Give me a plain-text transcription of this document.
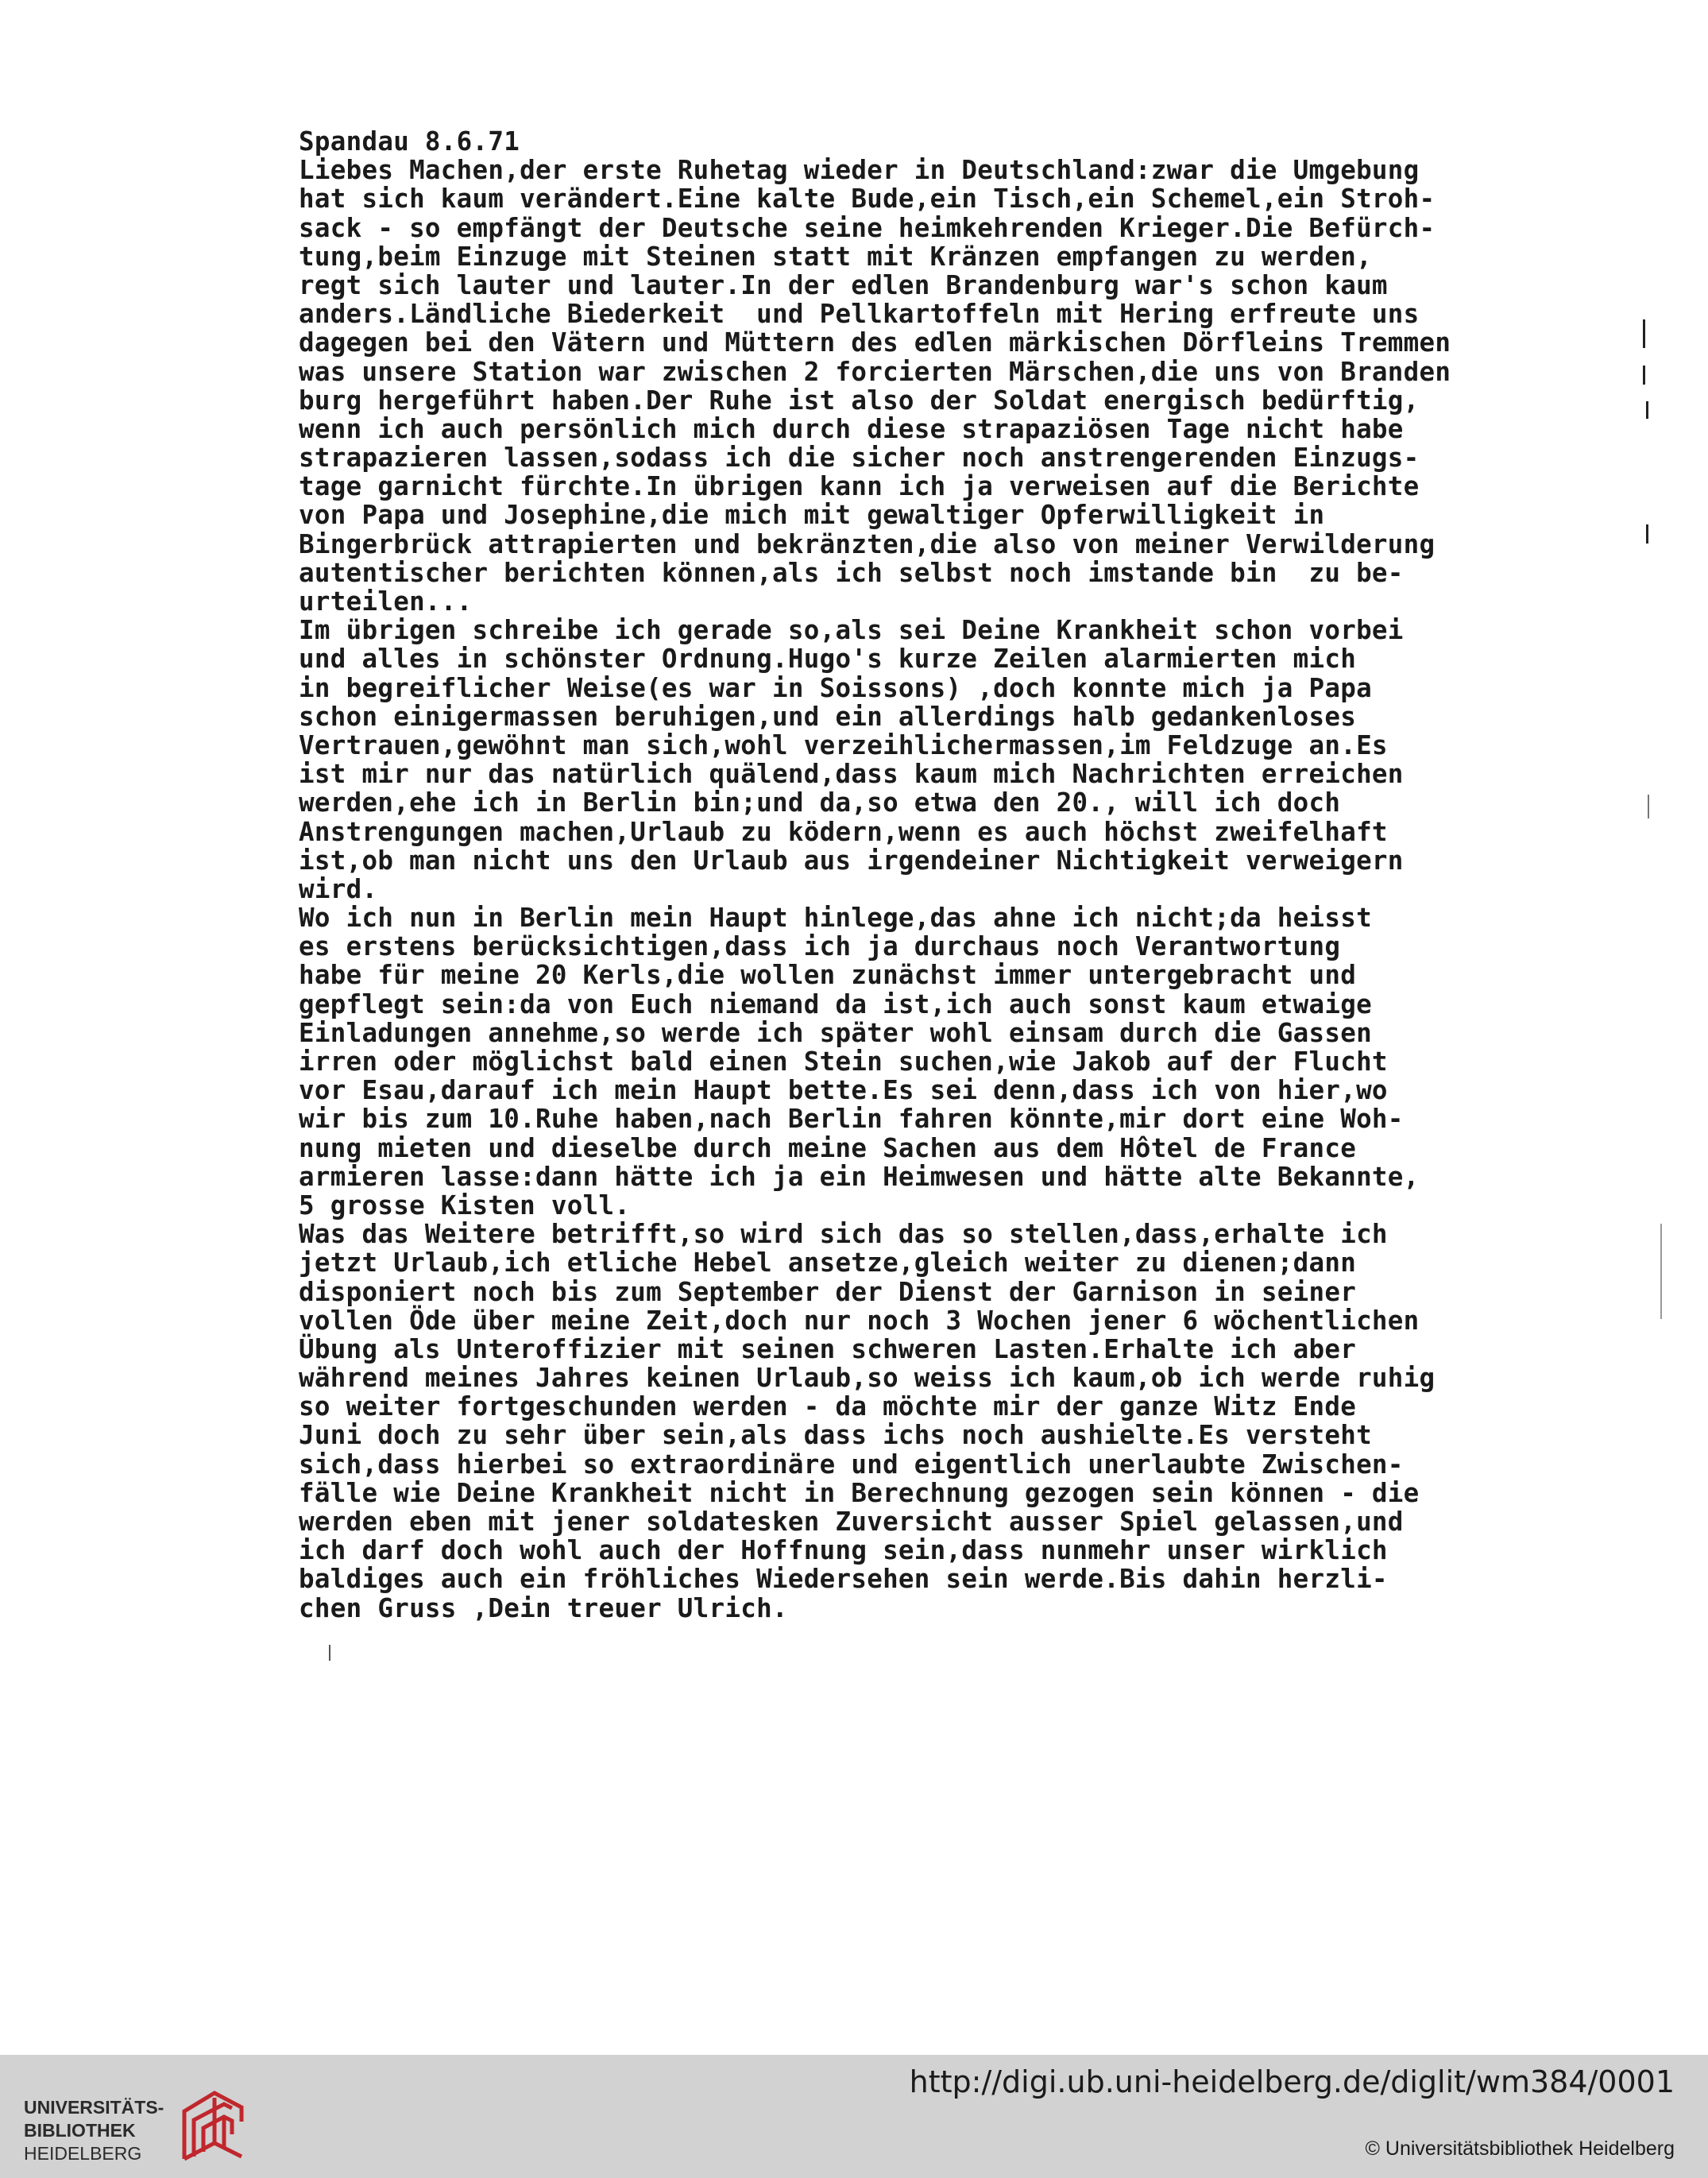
Spandau 8.6.71
Liebes Machen,der erste Ruhetag wieder in Deutschland:zwar die Umgebung
hat sich kaum verändert.Eine kalte Bude,ein Tisch,ein Schemel,ein Stroh-
sack - so empfängt der Deutsche seine heimkehrenden Krieger.Die Befürch-
tung,beim Einzuge mit Steinen statt mit Kränzen empfangen zu werden,
regt sich lauter und lauter.In der edlen Brandenburg war's schon kaum
anders.Ländliche Biederkeit  und Pellkartoffeln mit Hering erfreute uns
dagegen bei den Vätern und Müttern des edlen märkischen Dörfleins Tremmen
was unsere Station war zwischen 2 forcierten Märschen,die uns von Branden
burg hergeführt haben.Der Ruhe ist also der Soldat energisch bedürftig,
wenn ich auch persönlich mich durch diese strapaziösen Tage nicht habe
strapazieren lassen,sodass ich die sicher noch anstrengerenden Einzugs-
tage garnicht fürchte.In übrigen kann ich ja verweisen auf die Berichte
von Papa und Josephine,die mich mit gewaltiger Opferwilligkeit in
Bingerbrück attrapierten und bekränzten,die also von meiner Verwilderung
autentischer berichten können,als ich selbst noch imstande bin  zu be-
urteilen...
Im übrigen schreibe ich gerade so,als sei Deine Krankheit schon vorbei
und alles in schönster Ordnung.Hugo's kurze Zeilen alarmierten mich
in begreiflicher Weise(es war in Soissons) ,doch konnte mich ja Papa
schon einigermassen beruhigen,und ein allerdings halb gedankenloses
Vertrauen,gewöhnt man sich,wohl verzeihlichermassen,im Feldzuge an.Es
ist mir nur das natürlich quälend,dass kaum mich Nachrichten erreichen
werden,ehe ich in Berlin bin;und da,so etwa den 20., will ich doch
Anstrengungen machen,Urlaub zu ködern,wenn es auch höchst zweifelhaft
ist,ob man nicht uns den Urlaub aus irgendeiner Nichtigkeit verweigern
wird.
Wo ich nun in Berlin mein Haupt hinlege,das ahne ich nicht;da heisst
es erstens berücksichtigen,dass ich ja durchaus noch Verantwortung
habe für meine 20 Kerls,die wollen zunächst immer untergebracht und
gepflegt sein:da von Euch niemand da ist,ich auch sonst kaum etwaige
Einladungen annehme,so werde ich später wohl einsam durch die Gassen
irren oder möglichst bald einen Stein suchen,wie Jakob auf der Flucht
vor Esau,darauf ich mein Haupt bette.Es sei denn,dass ich von hier,wo
wir bis zum 10.Ruhe haben,nach Berlin fahren könnte,mir dort eine Woh-
nung mieten und dieselbe durch meine Sachen aus dem Hôtel de France
armieren lasse:dann hätte ich ja ein Heimwesen und hätte alte Bekannte,
5 grosse Kisten voll.
Was das Weitere betrifft,so wird sich das so stellen,dass,erhalte ich
jetzt Urlaub,ich etliche Hebel ansetze,gleich weiter zu dienen;dann
disponiert noch bis zum September der Dienst der Garnison in seiner
vollen Öde über meine Zeit,doch nur noch 3 Wochen jener 6 wöchentlichen
Übung als Unteroffizier mit seinen schweren Lasten.Erhalte ich aber
während meines Jahres keinen Urlaub,so weiss ich kaum,ob ich werde ruhig
so weiter fortgeschunden werden - da möchte mir der ganze Witz Ende
Juni doch zu sehr über sein,als dass ichs noch aushielte.Es versteht
sich,dass hierbei so extraordinäre und eigentlich unerlaubte Zwischen-
fälle wie Deine Krankheit nicht in Berechnung gezogen sein können - die
werden eben mit jener soldatesken Zuversicht ausser Spiel gelassen,und
ich darf doch wohl auch der Hoffnung sein,dass nunmehr unser wirklich
baldiges auch ein fröhliches Wiedersehen sein werde.Bis dahin herzli-
chen Gruss ,Dein treuer Ulrich.
UNIVERSITÄTS-
BIBLIOTHEK
HEIDELBERG
http://digi.ub.uni-heidelberg.de/diglit/wm384/0001
© Universitätsbibliothek Heidelberg
